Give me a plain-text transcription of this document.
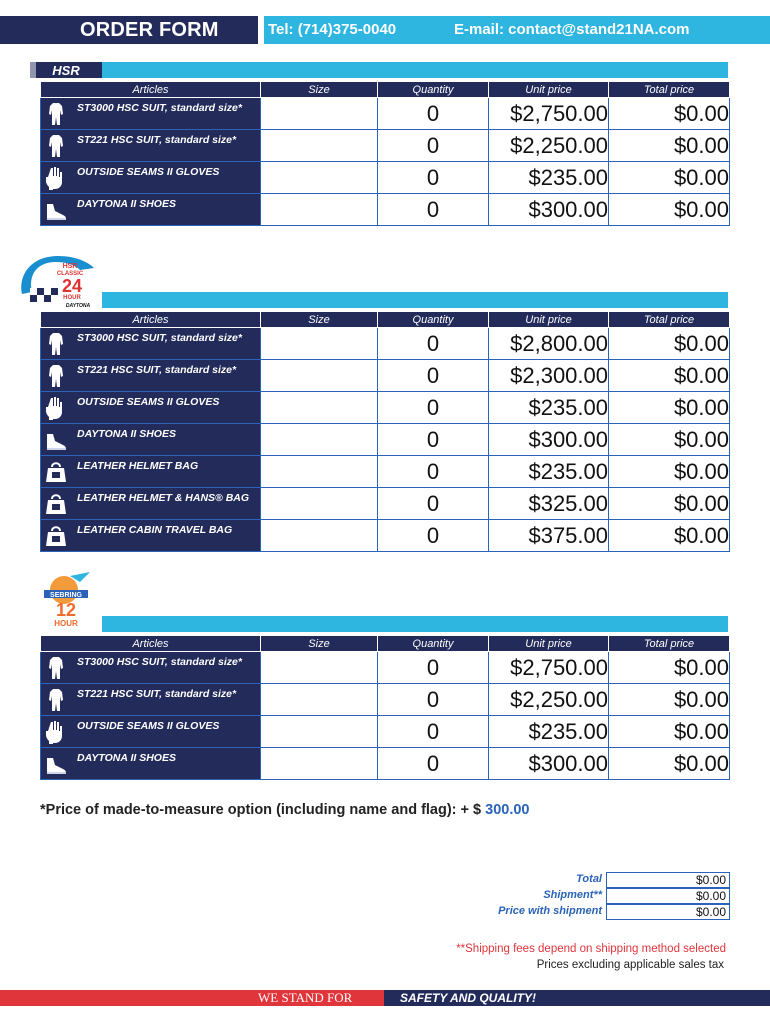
ORDER FORM	Tel: (714)375-0040	E-mail: contact@stand21NA.com
HSR
HSR
CLASSIC
24
HOUR
DAYTONA
SEBRING
12
HOUR
Articles	Size	Quantity	Unit price	Total price

ST3000 HSC SUIT, standard size*		0	$2,750.00	$0.00

ST221 HSC SUIT, standard size*		0	$2,250.00	$0.00

OUTSIDE SEAMS II GLOVES		0	$235.00	$0.00

DAYTONA II SHOES		0	$300.00	$0.00
Articles	Size	Quantity	Unit price	Total price

ST3000 HSC SUIT, standard size*		0	$2,800.00	$0.00

ST221 HSC SUIT, standard size*		0	$2,300.00	$0.00

OUTSIDE SEAMS II GLOVES		0	$235.00	$0.00

DAYTONA II SHOES		0	$300.00	$0.00

LEATHER HELMET BAG		0	$235.00	$0.00

LEATHER HELMET & HANS® BAG		0	$325.00	$0.00

LEATHER CABIN TRAVEL BAG		0	$375.00	$0.00
Articles	Size	Quantity	Unit price	Total price

ST3000 HSC SUIT, standard size*		0	$2,750.00	$0.00

ST221 HSC SUIT, standard size*		0	$2,250.00	$0.00

OUTSIDE SEAMS II GLOVES		0	$235.00	$0.00

DAYTONA II SHOES		0	$300.00	$0.00
*Price of made-to-measure option (including name and flag): + $ 300.00
Total	$0.00
Shipment**	$0.00
Price with shipment	$0.00
**Shipping fees depend on shipping method selected
Prices excluding applicable sales tax
WE STAND FOR	SAFETY AND QUALITY!
